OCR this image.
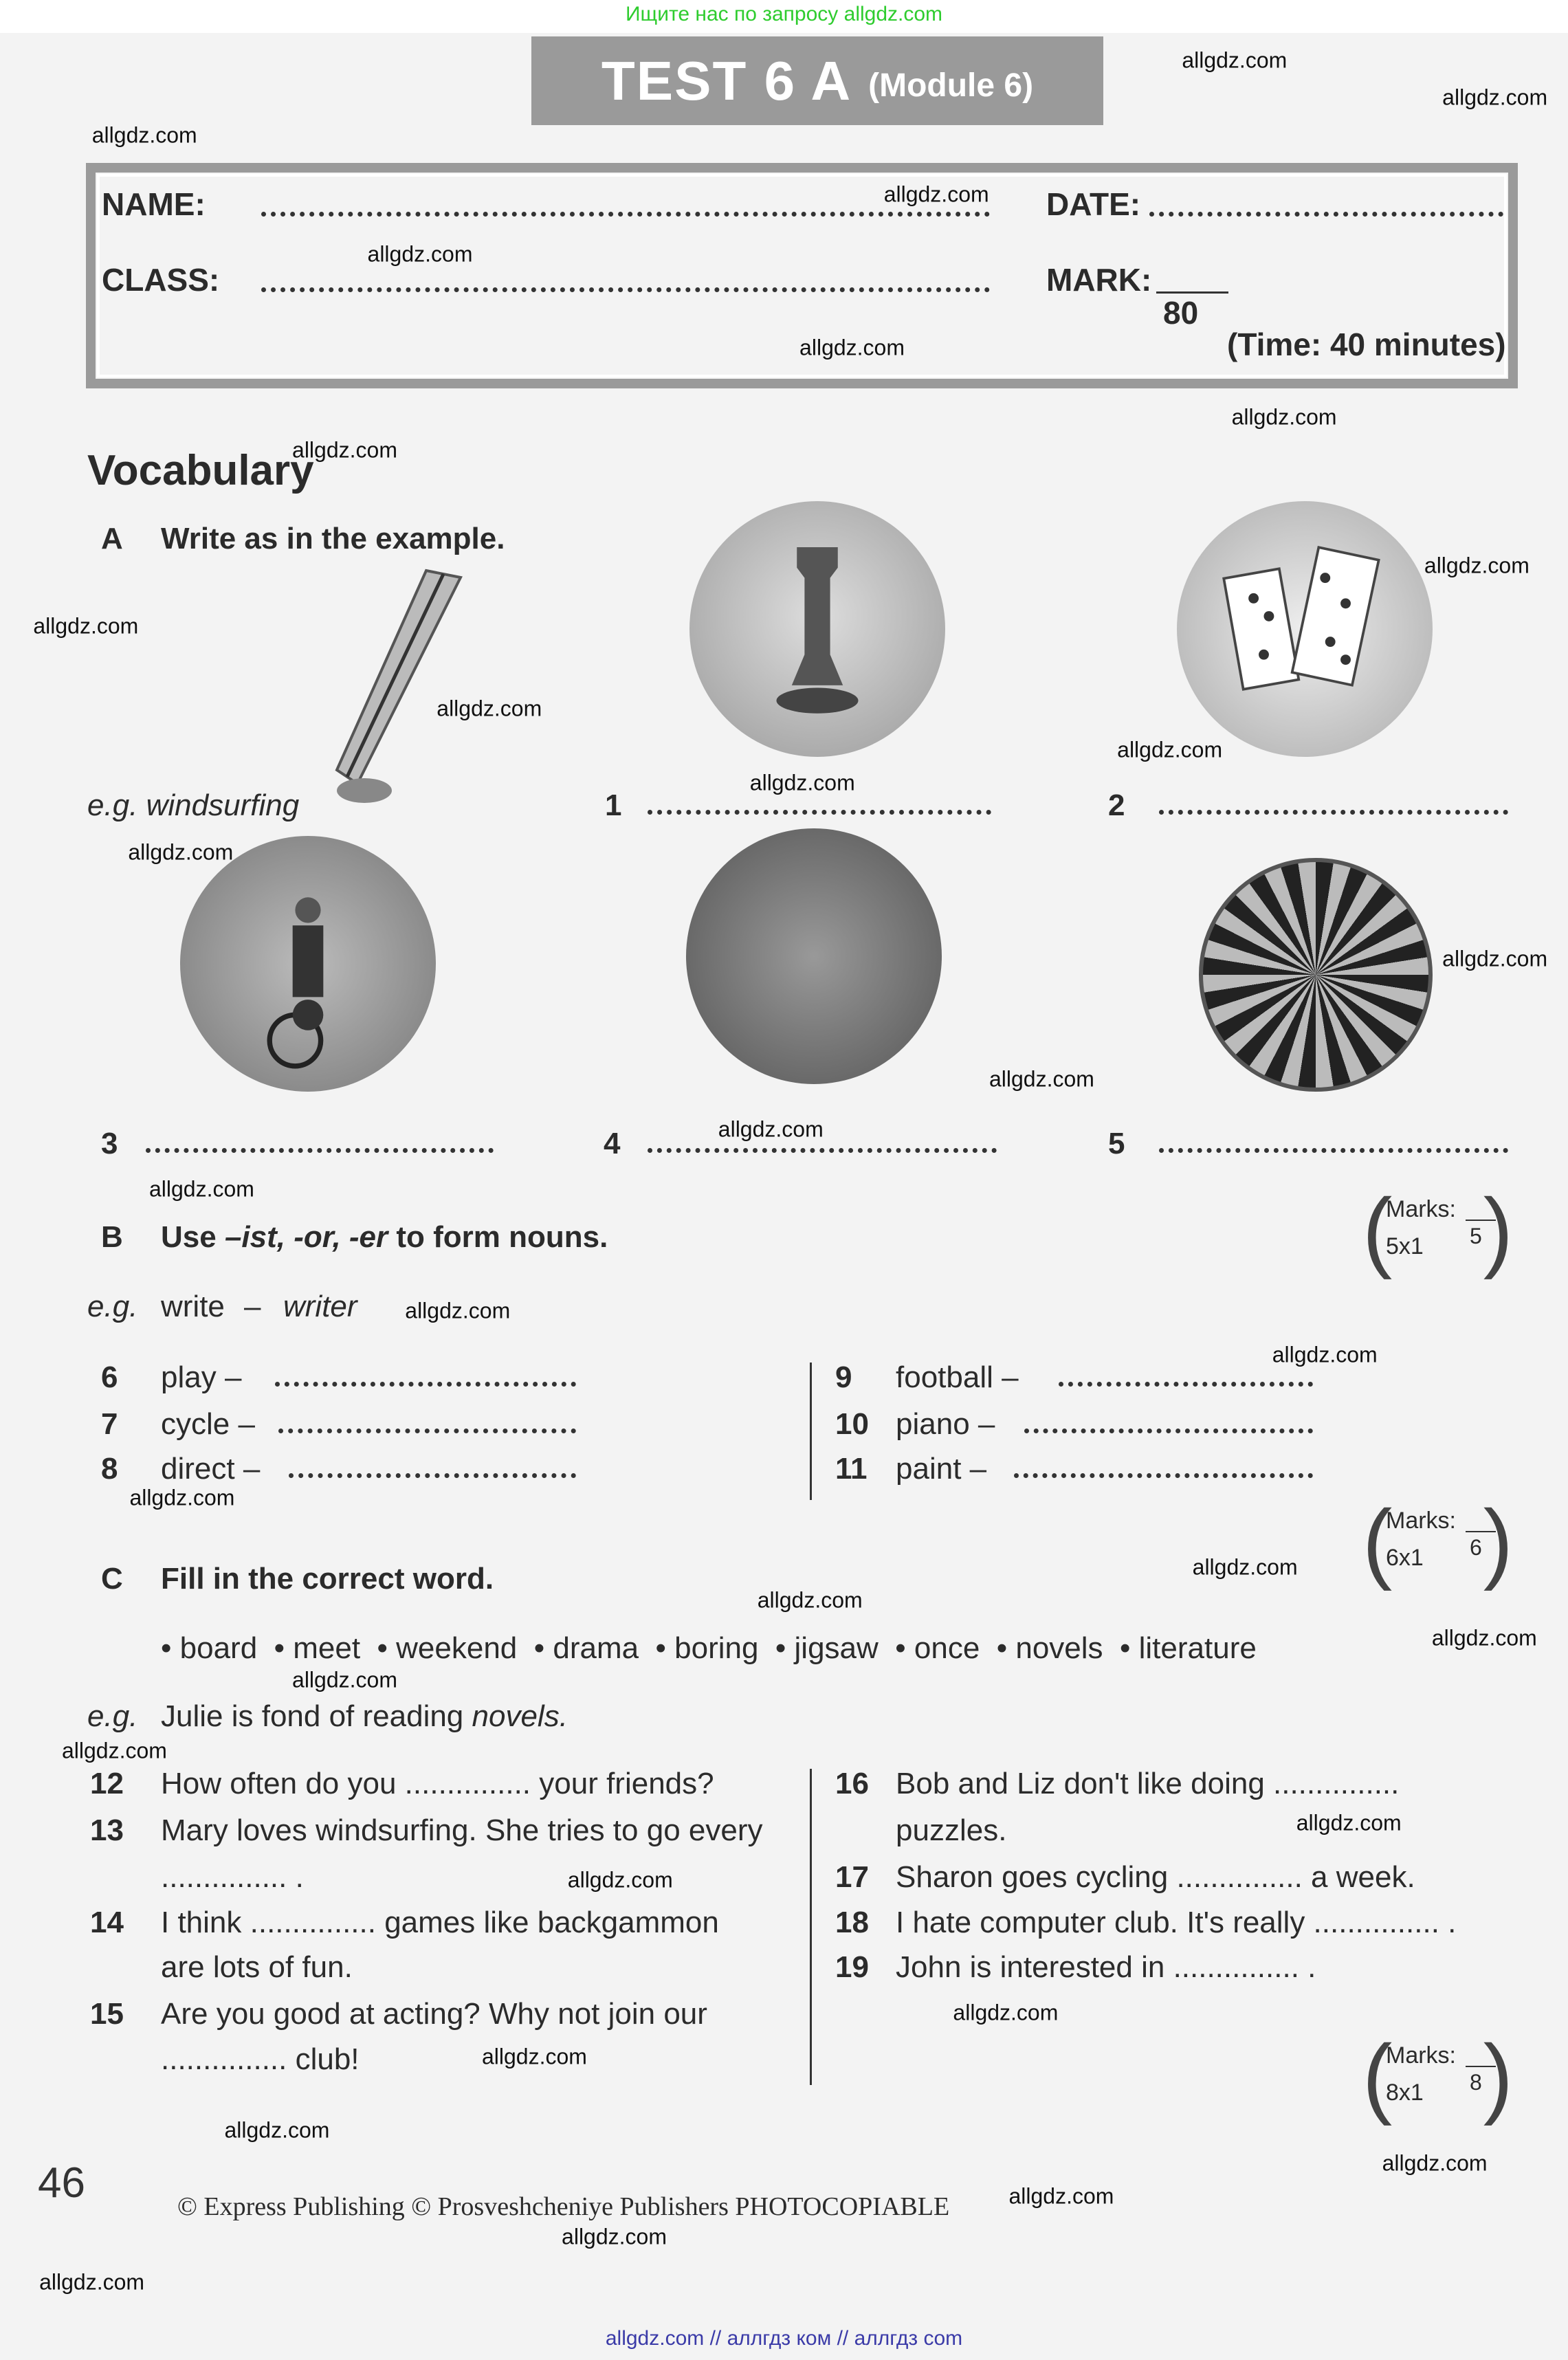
Ищите нас по запросу allgdz.com
TEST 6 A (Module 6)
NAME:
CLASS:
DATE:
MARK:
80
(Time: 40 minutes)
Vocabulary
A Write as in the example.
e.g. windsurfing	1	2
3	4	5
( )
Marks:
5x1 5
B Use –ist, -or, -er to form nouns.
e.g. write – writer
6 play –
7 cycle –
8 direct –
9 football –
10 piano –
11 paint –
( )
Marks:
6x1 6
C Fill in the correct word.
• board  • meet  • weekend  • drama  • boring  • jigsaw  • once  • novels  • literature
e.g. Julie is fond of reading novels.
12 How often do you ............... your friends?
13 Mary loves windsurfing. She tries to go every
............... .
14 I think ............... games like backgammon
are lots of fun.
15 Are you good at acting? Why not join our
............... club!
16 Bob and Liz don't like doing ...............
puzzles.
17 Sharon goes cycling ............... a week.
18 I hate computer club. It's really ............... .
19 John is interested in ............... .
( )
Marks:
8x1 8
46	© Express Publishing © Prosveshcheniye Publishers PHOTOCOPIABLE
allgdz.com // аллгдз ком // аллгдз com
allgdz.com
allgdz.com
allgdz.com
allgdz.com
allgdz.com
allgdz.com
allgdz.com
allgdz.com
allgdz.com
allgdz.com
allgdz.com
allgdz.com
allgdz.com
allgdz.com
allgdz.com
allgdz.com
allgdz.com
allgdz.com
allgdz.com
allgdz.com
allgdz.com
allgdz.com
allgdz.com
allgdz.com
allgdz.com
allgdz.com
allgdz.com
allgdz.com
allgdz.com
allgdz.com
allgdz.com
allgdz.com
allgdz.com
allgdz.com
allgdz.com
